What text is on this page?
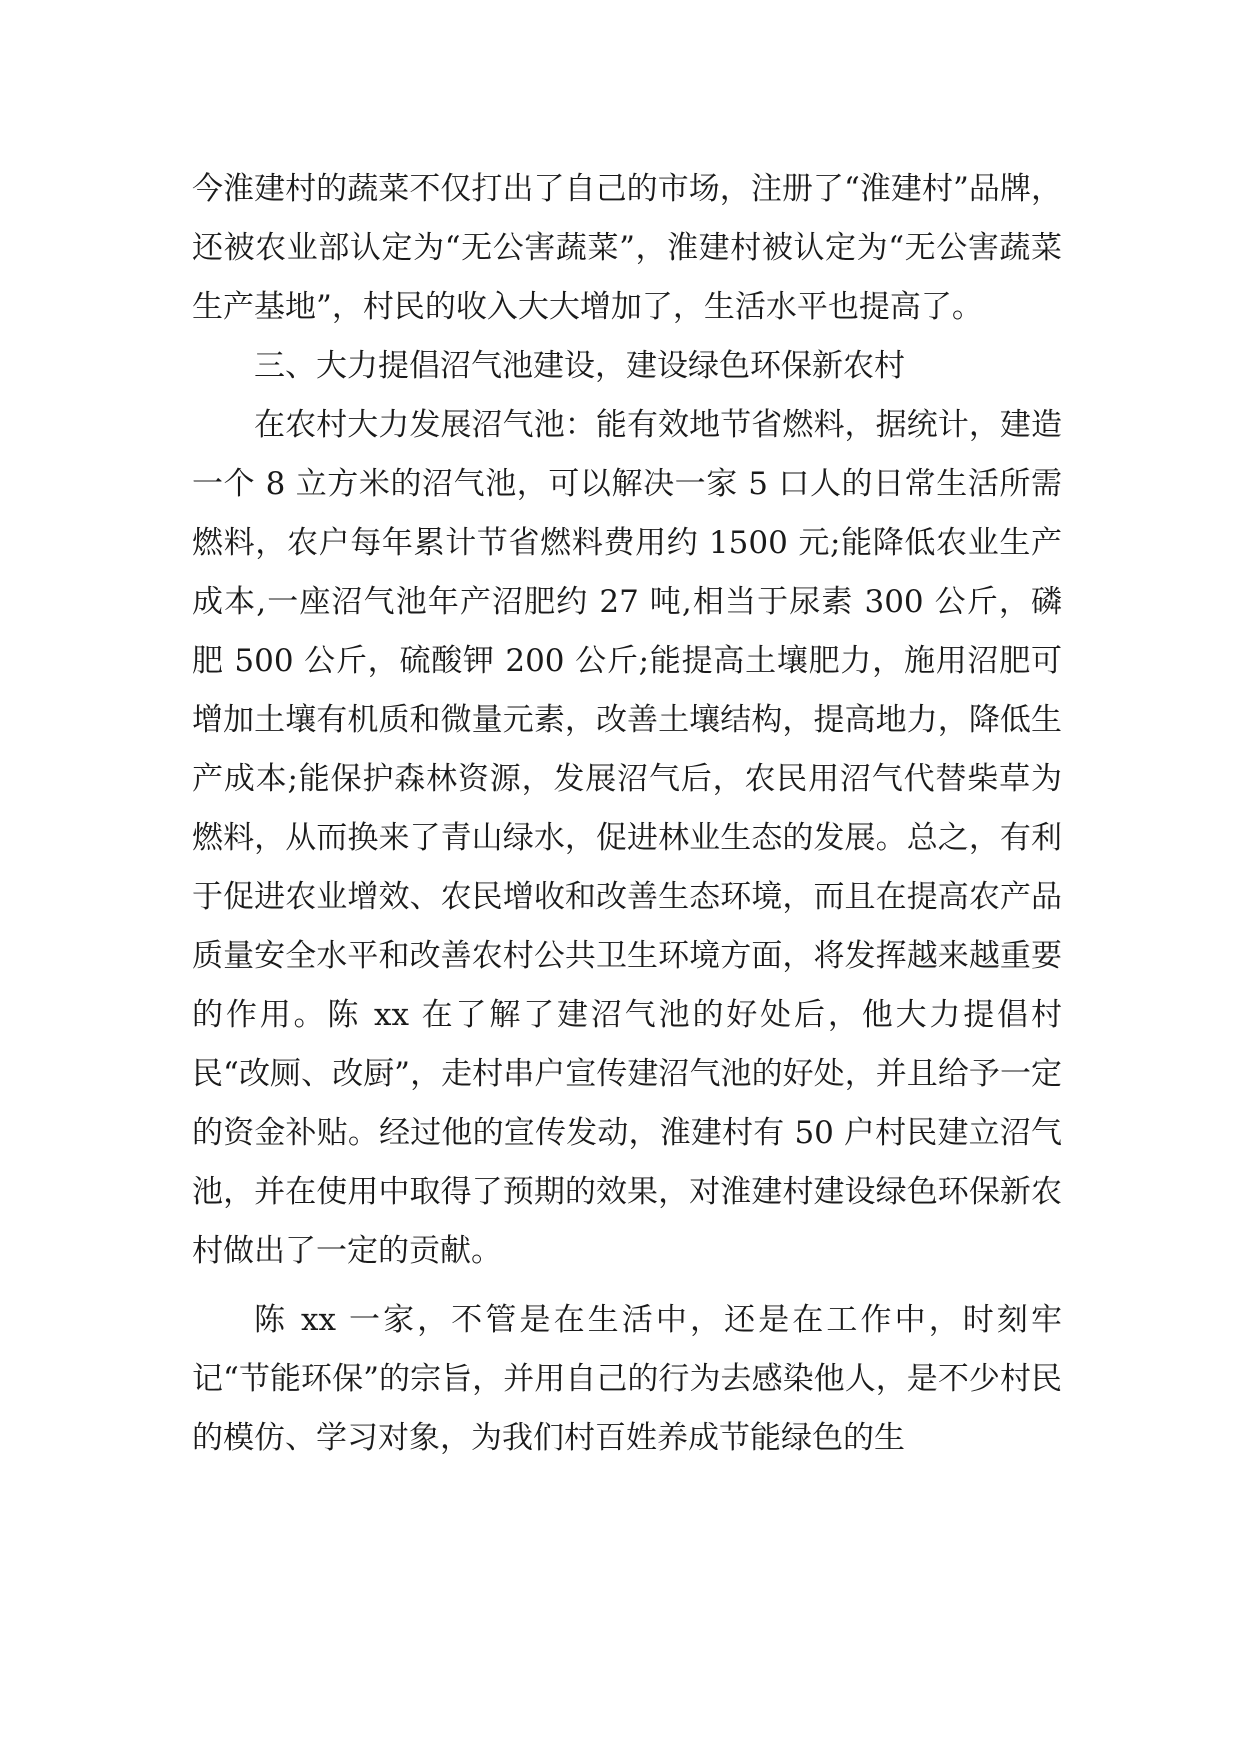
今淮建村的蔬菜不仅打出了自己的市场，注册了“淮建村”品牌，还被农业部认定为“无公害蔬菜”，淮建村被认定为“无公害蔬菜生产基地”，村民的收入大大增加了，生活水平也提高了。

三、大力提倡沼气池建设，建设绿色环保新农村

在农村大力发展沼气池：能有效地节省燃料，据统计，建造一个 8 立方米的沼气池，可以解决一家 5 口人的日常生活所需燃料，农户每年累计节省燃料费用约 1500 元;能降低农业生产成本,一座沼气池年产沼肥约 27 吨,相当于尿素 300 公斤，磷肥 500 公斤，硫酸钾 200 公斤;能提高土壤肥力，施用沼肥可增加土壤有机质和微量元素，改善土壤结构，提高地力，降低生产成本;能保护森林资源，发展沼气后，农民用沼气代替柴草为燃料，从而换来了青山绿水，促进林业生态的发展。总之，有利于促进农业增效、农民增收和改善生态环境，而且在提高农产品质量安全水平和改善农村公共卫生环境方面，将发挥越来越重要的作用。陈 xx 在了解了建沼气池的好处后，他大力提倡村民“改厕、改厨”，走村串户宣传建沼气池的好处，并且给予一定的资金补贴。经过他的宣传发动，淮建村有 50 户村民建立沼气池，并在使用中取得了预期的效果，对淮建村建设绿色环保新农村做出了一定的贡献。

陈 xx 一家，不管是在生活中，还是在工作中，时刻牢记“节能环保”的宗旨，并用自己的行为去感染他人，是不少村民的模仿、学习对象，为我们村百姓养成节能绿色的生
